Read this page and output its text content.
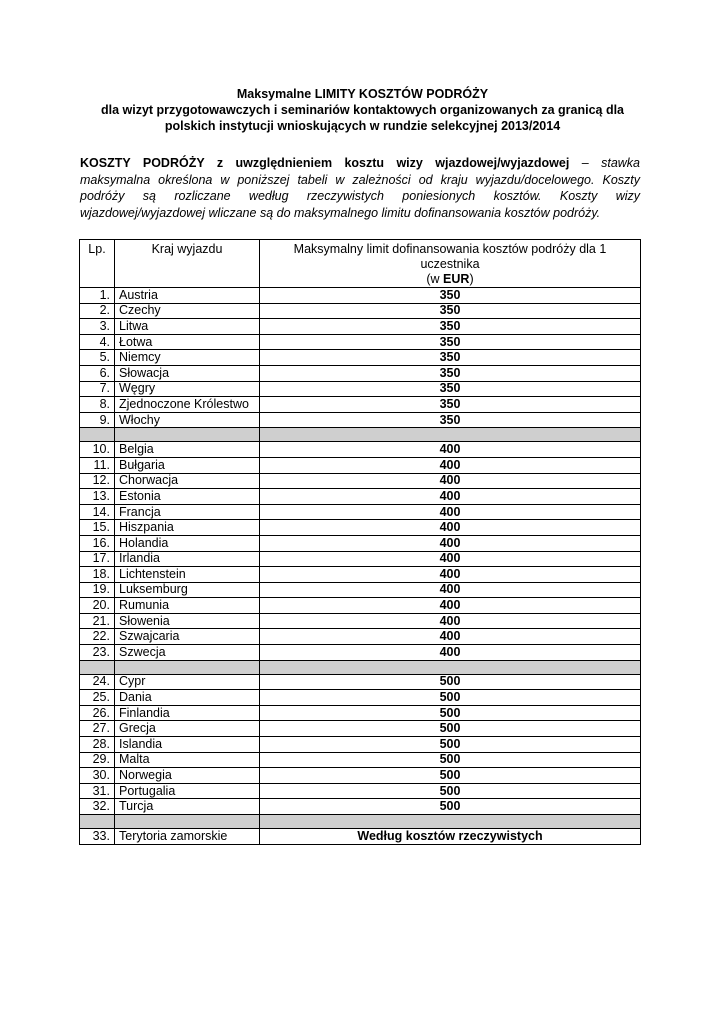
Maksymalne LIMITY KOSZTÓW PODRÓŻY
dla wizyt przygotowawczych i seminariów kontaktowych organizowanych za granicą dla
polskich instytucji wnioskujących w rundzie selekcyjnej 2013/2014
KOSZTY PODRÓŻY z uwzględnieniem kosztu wizy wjazdowej/wyjazdowej – stawka maksymalna określona w poniższej tabeli w zależności od kraju wyjazdu/docelowego. Koszty podróży są rozliczane według rzeczywistych poniesionych kosztów. Koszty wizy wjazdowej/wyjazdowej wliczane są do maksymalnego limitu dofinansowania kosztów podróży.
Lp.	Kraj wyjazdu	Maksymalny limit dofinansowania kosztów podróży dla 1 uczestnika
(w EUR)
1.	Austria	350
2.	Czechy	350
3.	Litwa	350
4.	Łotwa	350
5.	Niemcy	350
6.	Słowacja	350
7.	Węgry	350
8.	Zjednoczone Królestwo	350
9.	Włochy	350

10.	Belgia	400
11.	Bułgaria	400
12.	Chorwacja	400
13.	Estonia	400
14.	Francja	400
15.	Hiszpania	400
16.	Holandia	400
17.	Irlandia	400
18.	Lichtenstein	400
19.	Luksemburg	400
20.	Rumunia	400
21.	Słowenia	400
22.	Szwajcaria	400
23.	Szwecja	400

24.	Cypr	500
25.	Dania	500
26.	Finlandia	500
27.	Grecja	500
28.	Islandia	500
29.	Malta	500
30.	Norwegia	500
31.	Portugalia	500
32.	Turcja	500

33.	Terytoria zamorskie	Według kosztów rzeczywistych
